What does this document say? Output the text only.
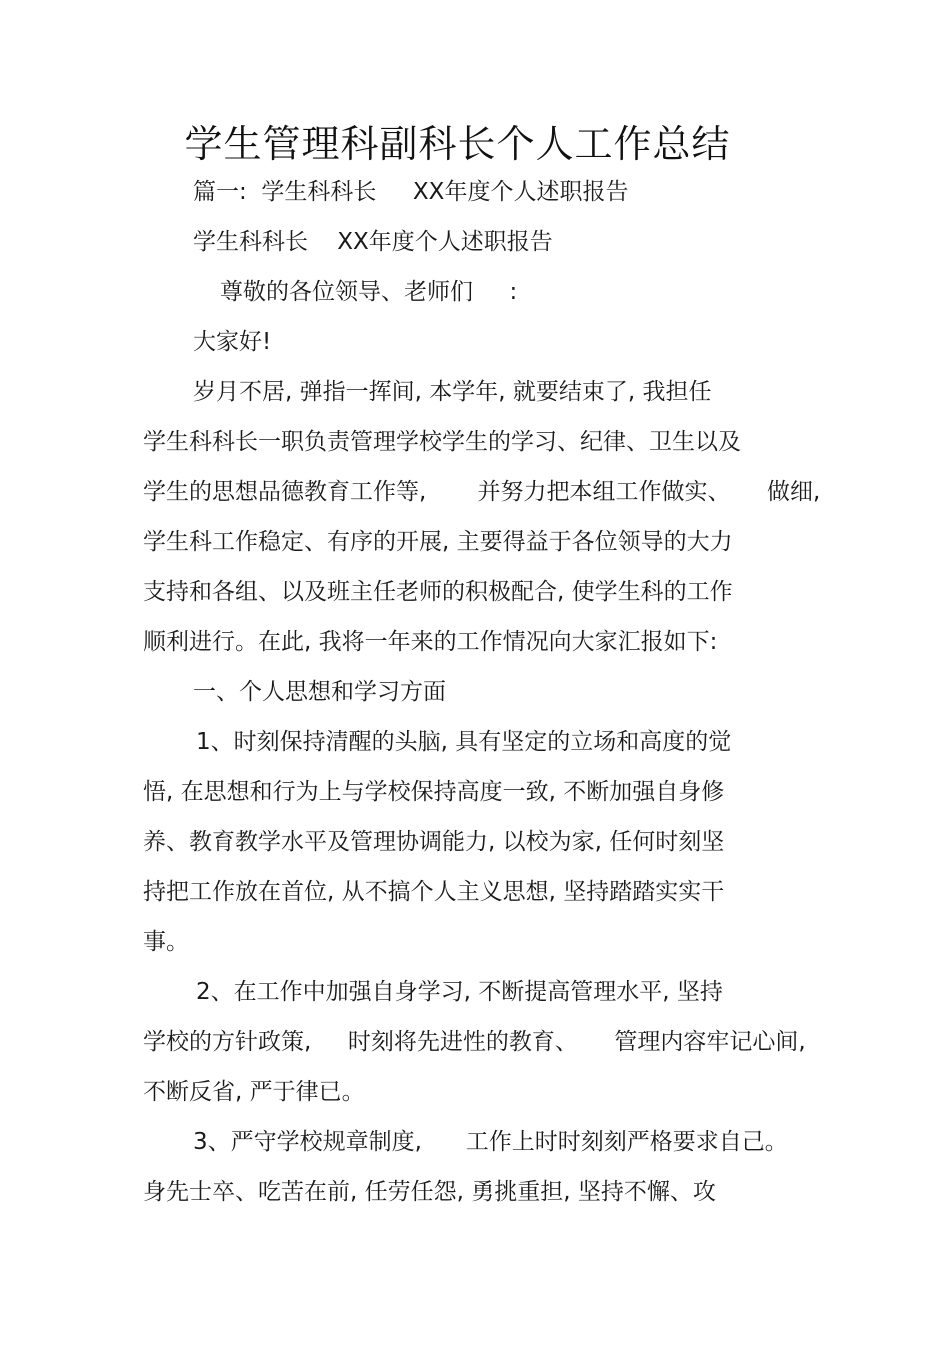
学生管理科副科长个人工作总结
篇一:  学生科科长     XX年度个人述职报告
学生科科长    XX年度个人述职报告
尊敬的各位领导、老师们     :
大家好!
岁月不居, 弹指一挥间, 本学年, 就要结束了, 我担任
学生科科长一职负责管理学校学生的学习、纪律、卫生以及
学生的思想品德教育工作等,       并努力把本组工作做实、     做细,
学生科工作稳定、有序的开展, 主要得益于各位领导的大力
支持和各组、以及班主任老师的积极配合, 使学生科的工作
顺利进行。在此, 我将一年来的工作情况向大家汇报如下:
一、个人思想和学习方面
1、时刻保持清醒的头脑, 具有坚定的立场和高度的觉
悟, 在思想和行为上与学校保持高度一致, 不断加强自身修
养、教育教学水平及管理协调能力, 以校为家, 任何时刻坚
持把工作放在首位, 从不搞个人主义思想, 坚持踏踏实实干
事。
2、在工作中加强自身学习, 不断提高管理水平, 坚持
学校的方针政策,     时刻将先进性的教育、     管理内容牢记心间,
不断反省, 严于律已。
3、严守学校规章制度,      工作上时时刻刻严格要求自己。
身先士卒、吃苦在前, 任劳任怨, 勇挑重担, 坚持不懈、攻
